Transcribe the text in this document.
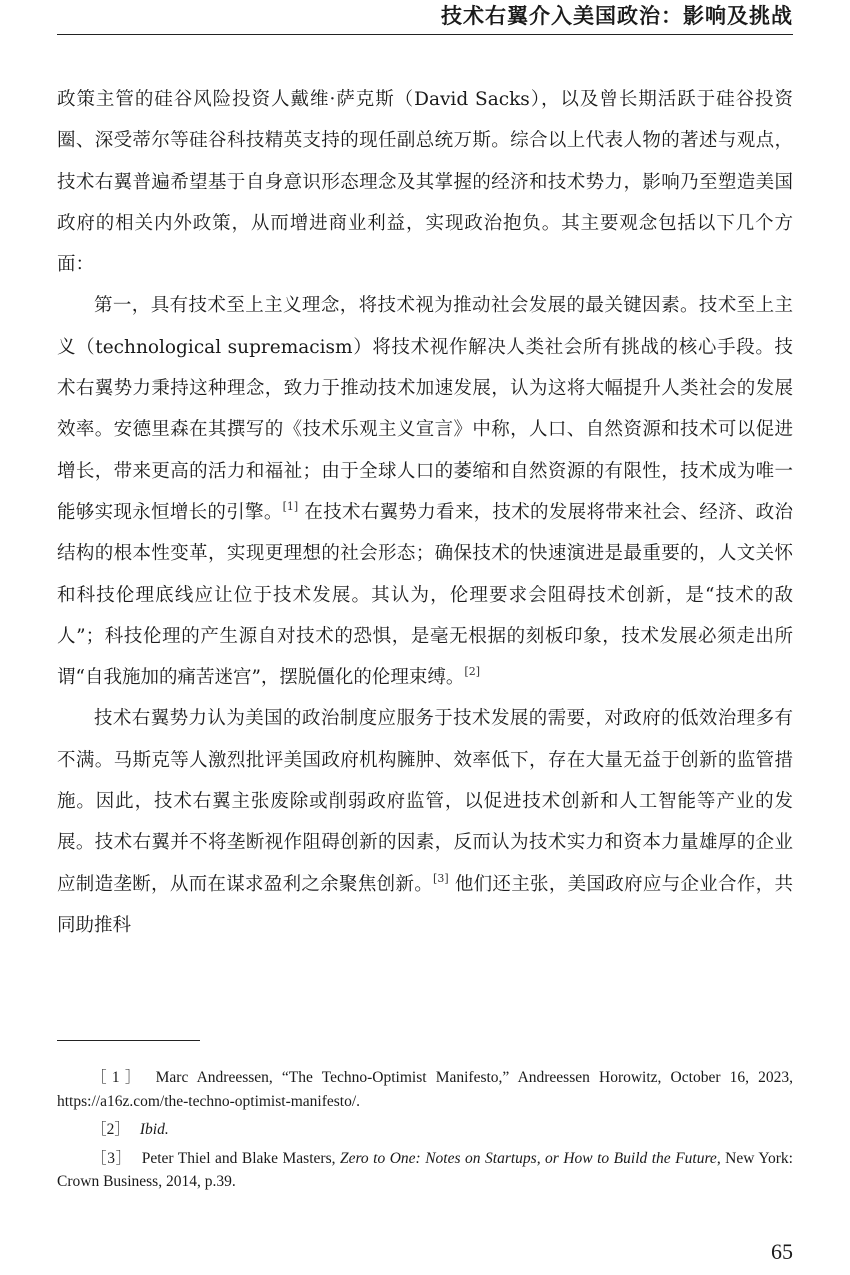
技术右翼介入美国政治：影响及挑战

政策主管的硅谷风险投资人戴维·萨克斯（David Sacks），以及曾长期活跃于硅谷投资圈、深受蒂尔等硅谷科技精英支持的现任副总统万斯。综合以上代表人物的著述与观点，技术右翼普遍希望基于自身意识形态理念及其掌握的经济和技术势力，影响乃至塑造美国政府的相关内外政策，从而增进商业利益，实现政治抱负。其主要观念包括以下几个方面：

第一，具有技术至上主义理念，将技术视为推动社会发展的最关键因素。技术至上主义（technological supremacism）将技术视作解决人类社会所有挑战的核心手段。技术右翼势力秉持这种理念，致力于推动技术加速发展，认为这将大幅提升人类社会的发展效率。安德里森在其撰写的《技术乐观主义宣言》中称，人口、自然资源和技术可以促进增长，带来更高的活力和福祉；由于全球人口的萎缩和自然资源的有限性，技术成为唯一能够实现永恒增长的引擎。[1] 在技术右翼势力看来，技术的发展将带来社会、经济、政治结构的根本性变革，实现更理想的社会形态；确保技术的快速演进是最重要的，人文关怀和科技伦理底线应让位于技术发展。其认为，伦理要求会阻碍技术创新，是“技术的敌人”；科技伦理的产生源自对技术的恐惧，是毫无根据的刻板印象，技术发展必须走出所谓“自我施加的痛苦迷宫”，摆脱僵化的伦理束缚。[2]

技术右翼势力认为美国的政治制度应服务于技术发展的需要，对政府的低效治理多有不满。马斯克等人激烈批评美国政府机构臃肿、效率低下，存在大量无益于创新的监管措施。因此，技术右翼主张废除或削弱政府监管，以促进技术创新和人工智能等产业的发展。技术右翼并不将垄断视作阻碍创新的因素，反而认为技术实力和资本力量雄厚的企业应制造垄断，从而在谋求盈利之余聚焦创新。[3] 他们还主张，美国政府应与企业合作，共同助推科

［1］ Marc Andreessen, “The Techno-Optimist Manifesto,” Andreessen Horowitz, October 16, 2023, https://a16z.com/the-techno-optimist-manifesto/.
［2］ Ibid.
［3］ Peter Thiel and Blake Masters, Zero to One: Notes on Startups, or How to Build the Future, New York: Crown Business, 2014, p.39.
65
